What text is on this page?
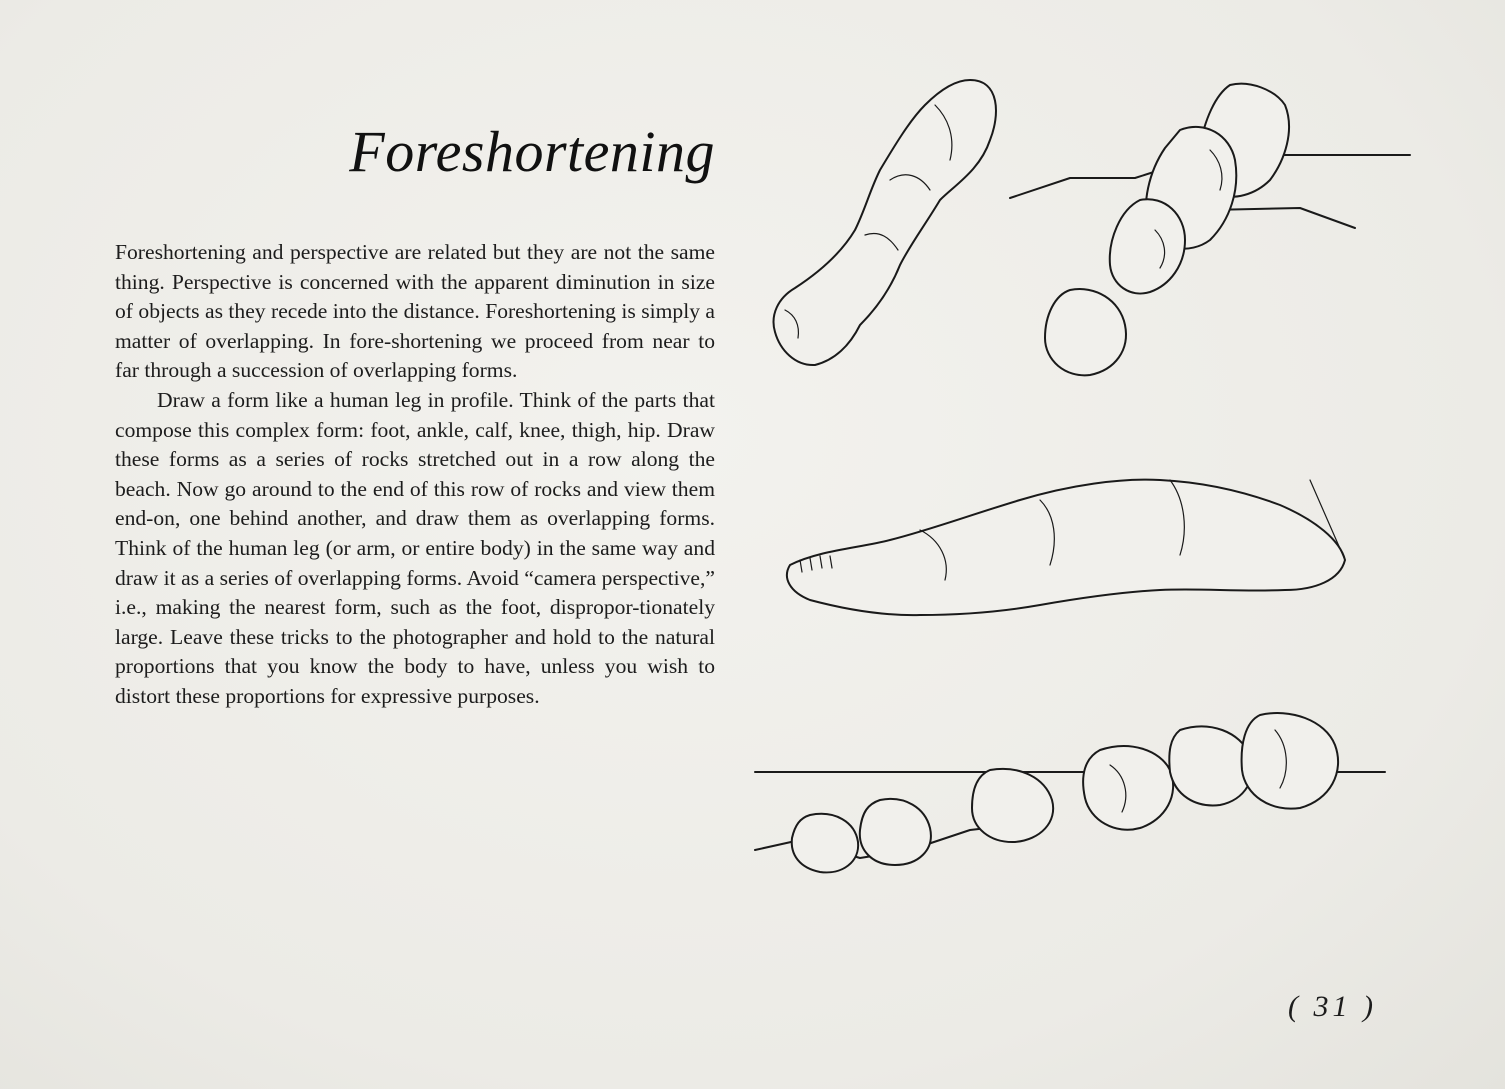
Foreshortening

Foreshortening and perspective are related but they are not the same thing. Perspective is concerned with the apparent diminution in size of objects as they recede into the distance. Foreshortening is simply a matter of overlapping. In fore-shortening we proceed from near to far through a succession of overlapping forms.

Draw a form like a human leg in profile. Think of the parts that compose this complex form: foot, ankle, calf, knee, thigh, hip. Draw these forms as a series of rocks stretched out in a row along the beach. Now go around to the end of this row of rocks and view them end-on, one behind another, and draw them as overlapping forms. Think of the human leg (or arm, or entire body) in the same way and draw it as a series of overlapping forms. Avoid “camera perspective,” i.e., making the nearest form, such as the foot, dispropor-tionately large. Leave these tricks to the photographer and hold to the natural proportions that you know the body to have, unless you wish to distort these proportions for expressive purposes.

( 31 )
